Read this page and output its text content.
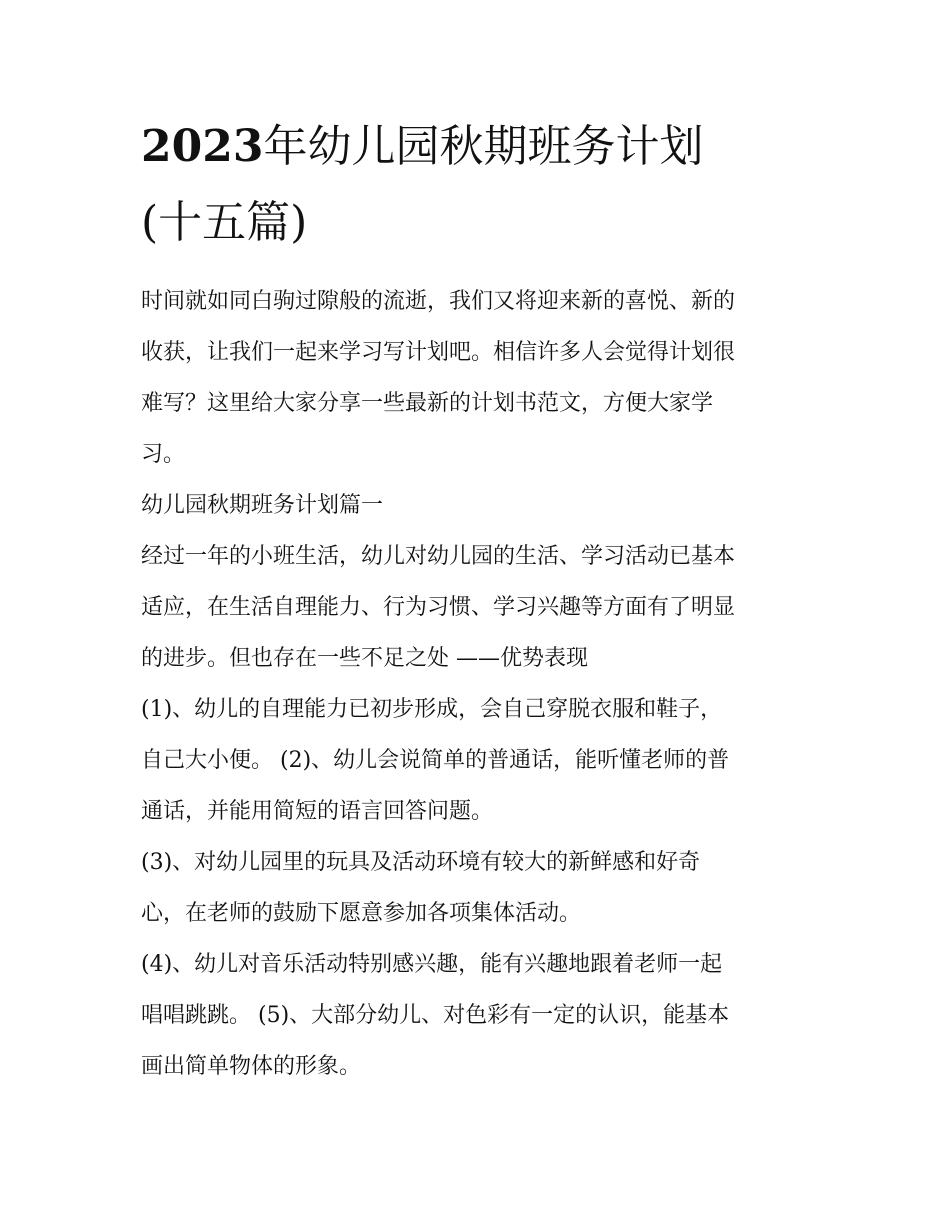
2023年幼儿园秋期班务计划
(十五篇)
时间就如同白驹过隙般的流逝，我们又将迎来新的喜悦、新的
收获，让我们一起来学习写计划吧。相信许多人会觉得计划很
难写？这里给大家分享一些最新的计划书范文，方便大家学
习。
幼儿园秋期班务计划篇一
经过一年的小班生活，幼儿对幼儿园的生活、学习活动已基本
适应，在生活自理能力、行为习惯、学习兴趣等方面有了明显
的进步。但也存在一些不足之处 ——优势表现
(1)、幼儿的自理能力已初步形成，会自己穿脱衣服和鞋子，
自己大小便。 (2)、幼儿会说简单的普通话，能听懂老师的普
通话，并能用简短的语言回答问题。
(3)、对幼儿园里的玩具及活动环境有较大的新鲜感和好奇
心，在老师的鼓励下愿意参加各项集体活动。
(4)、幼儿对音乐活动特别感兴趣，能有兴趣地跟着老师一起
唱唱跳跳。 (5)、大部分幼儿、对色彩有一定的认识，能基本
画出简单物体的形象。
